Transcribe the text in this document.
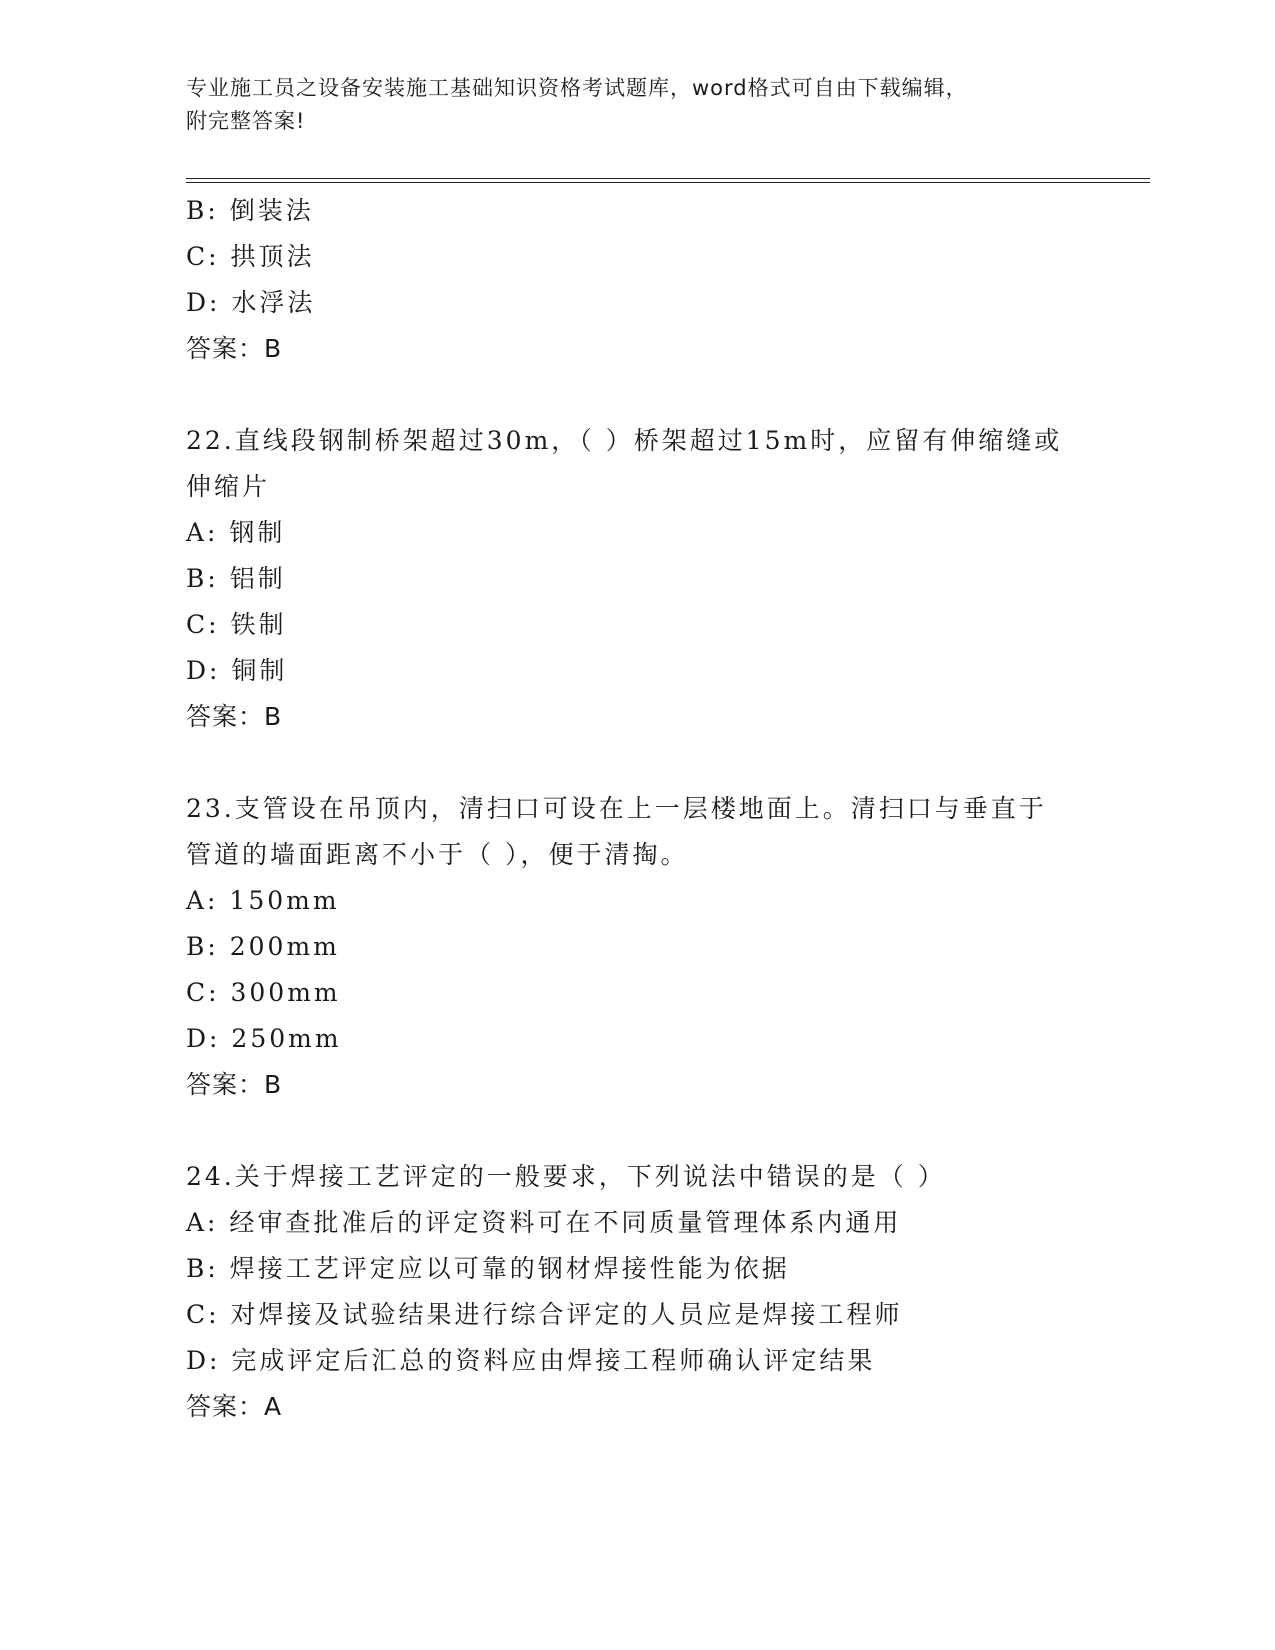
专业施工员之设备安装施工基础知识资格考试题库，word格式可自由下载编辑，
附完整答案!
B: 倒装法
C: 拱顶法
D: 水浮法
答案：B
22.直线段钢制桥架超过30m，（ ）桥架超过15m时，应留有伸缩缝或
伸缩片
A: 钢制
B: 铝制
C: 铁制
D: 铜制
答案：B
23.支管设在吊顶内，清扫口可设在上一层楼地面上。清扫口与垂直于
管道的墙面距离不小于（ ），便于清掏。
A: 150mm
B: 200mm
C: 300mm
D: 250mm
答案：B
24.关于焊接工艺评定的一般要求，下列说法中错误的是（ ）
A: 经审查批准后的评定资料可在不同质量管理体系内通用
B: 焊接工艺评定应以可靠的钢材焊接性能为依据
C: 对焊接及试验结果进行综合评定的人员应是焊接工程师
D: 完成评定后汇总的资料应由焊接工程师确认评定结果
答案：A
